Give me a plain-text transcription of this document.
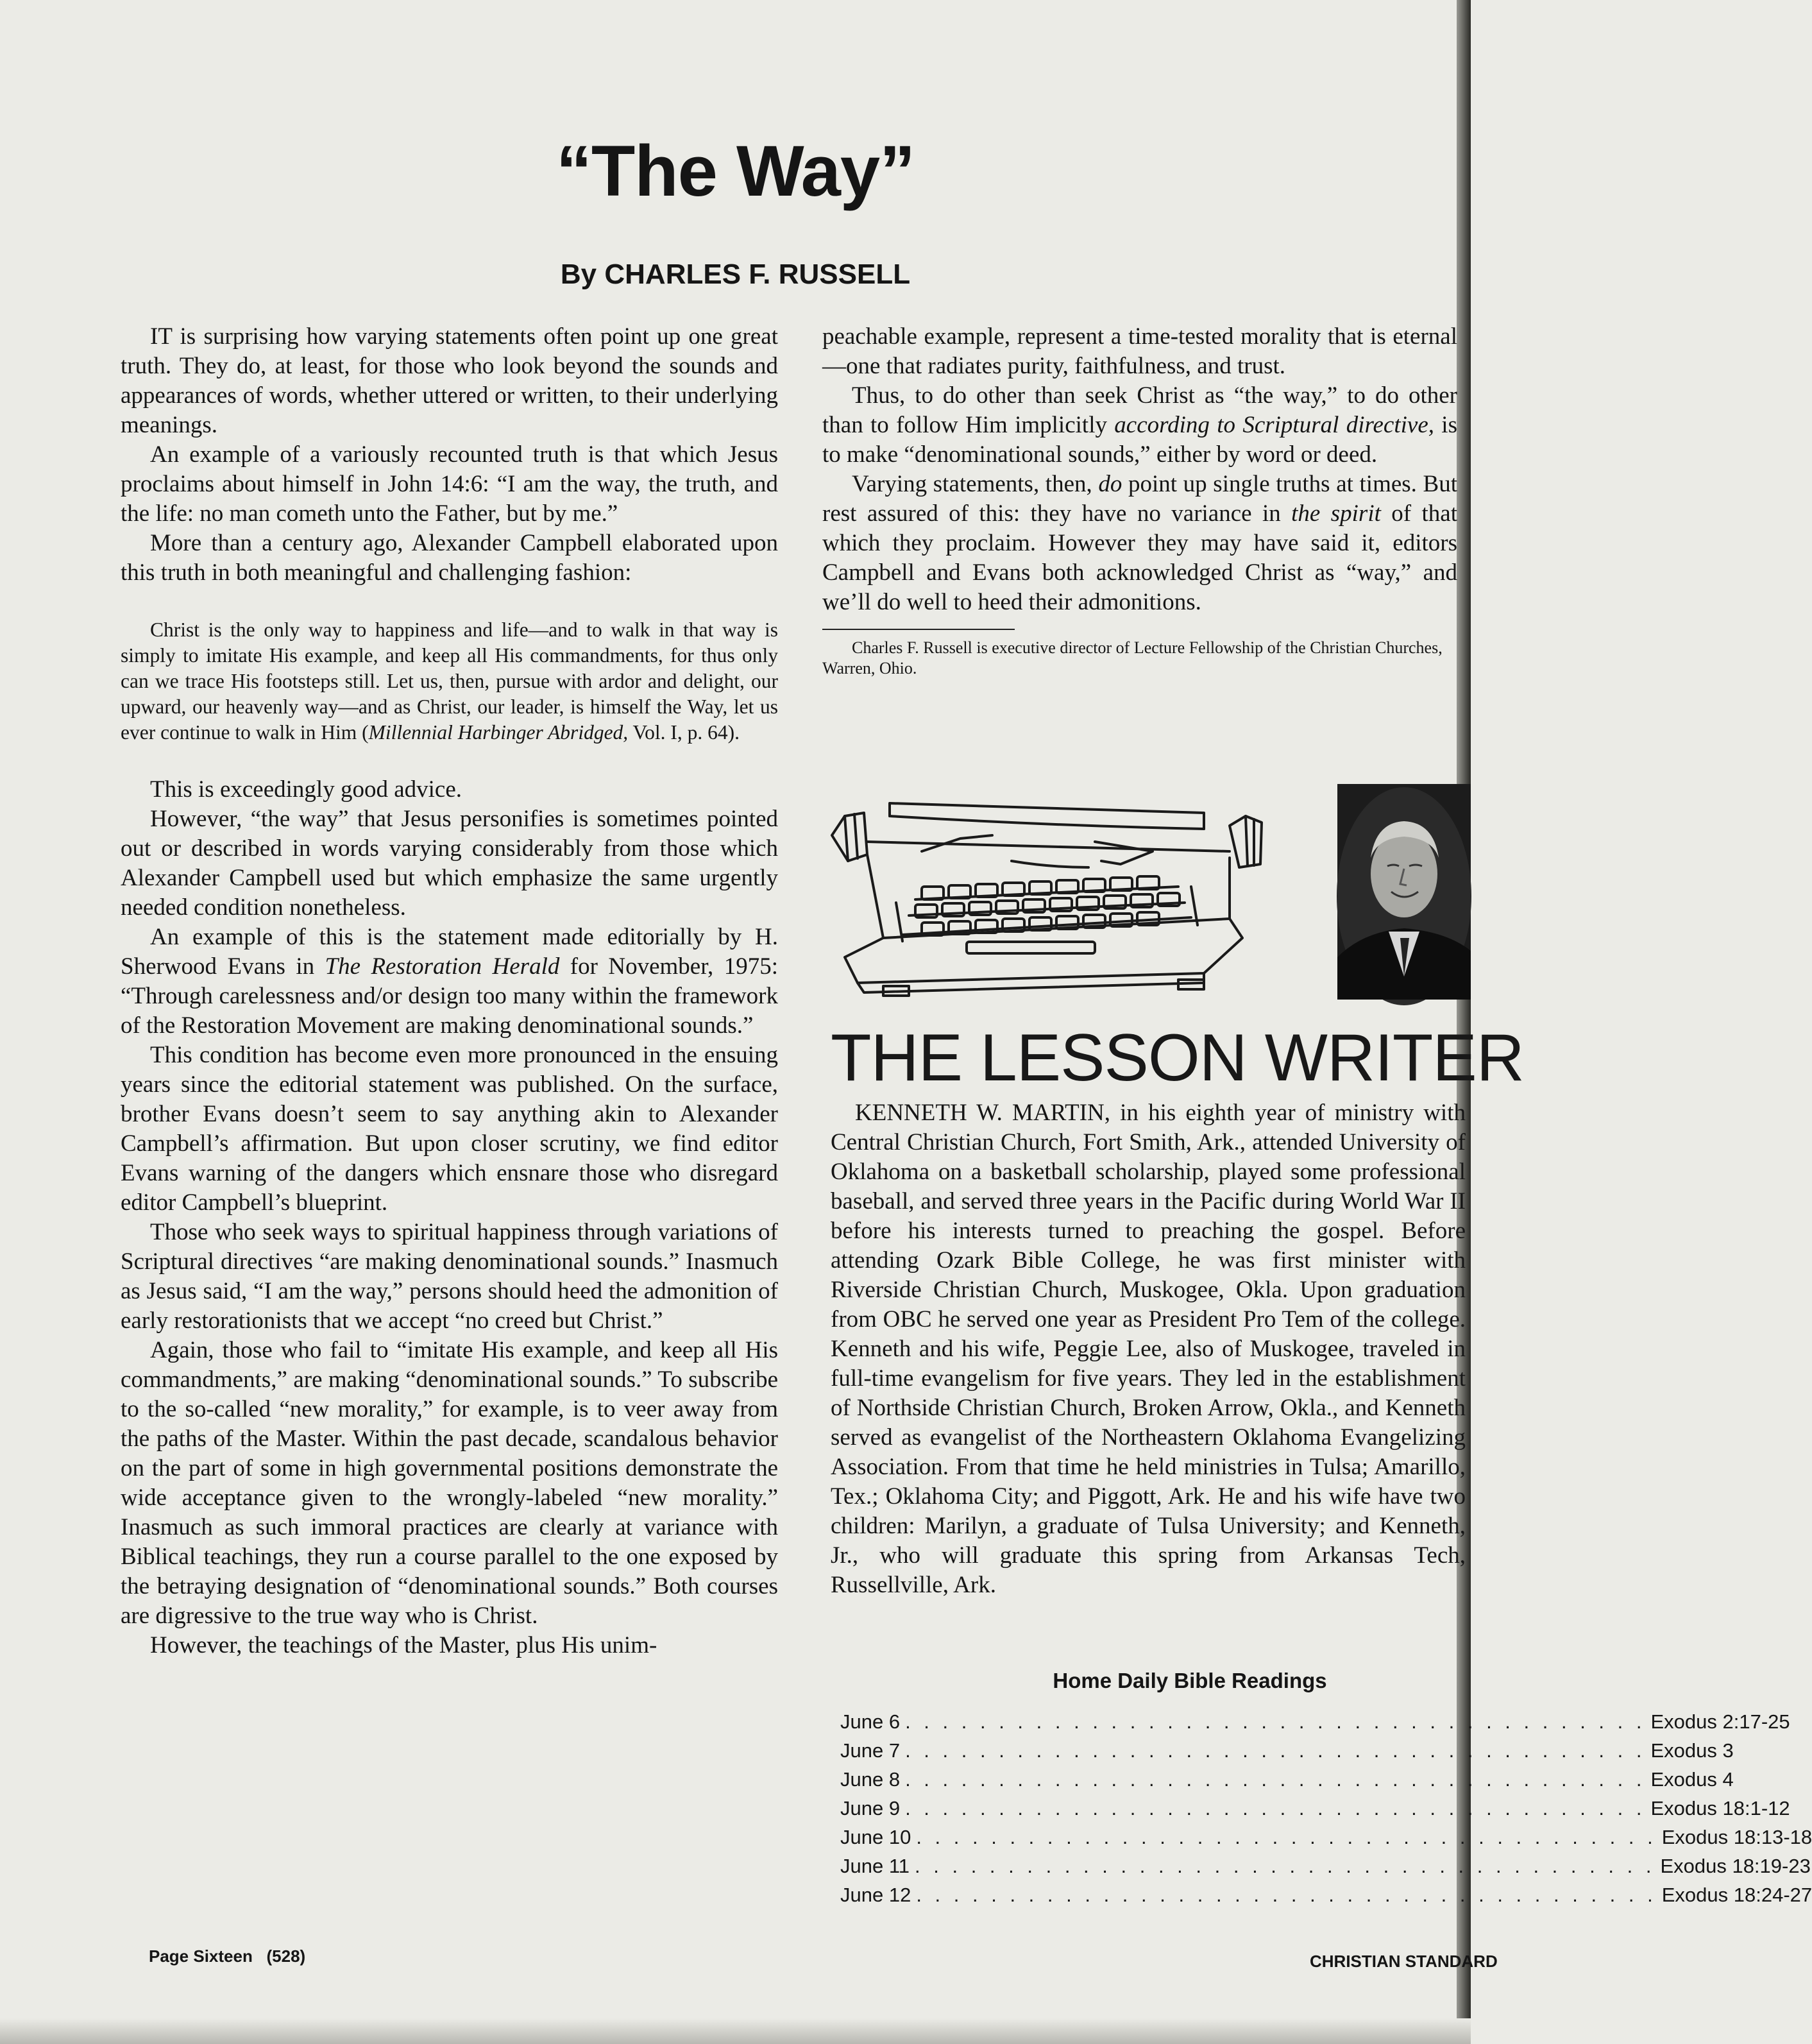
“The Way”
By CHARLES F. RUSSELL

IT is surprising how varying statements often point up one great truth. They do, at least, for those who look beyond the sounds and appearances of words, whether uttered or written, to their underlying meanings.

An example of a variously recounted truth is that which Jesus proclaims about himself in John 14:6: “I am the way, the truth, and the life: no man cometh unto the Father, but by me.”

More than a century ago, Alexander Campbell elaborated upon this truth in both meaningful and challenging fashion:

Christ is the only way to happiness and life—and to walk in that way is simply to imitate His example, and keep all His commandments, for thus only can we trace His footsteps still. Let us, then, pursue with ardor and delight, our upward, our heavenly way—and as Christ, our leader, is himself the Way, let us ever continue to walk in Him (Millennial Harbinger Abridged, Vol. I, p. 64).

This is exceedingly good advice.

However, “the way” that Jesus personifies is sometimes pointed out or described in words varying considerably from those which Alexander Campbell used but which emphasize the same urgently needed condition nonetheless.

An example of this is the statement made editorially by H. Sherwood Evans in The Restoration Herald for November, 1975: “Through carelessness and/or design too many within the framework of the Restoration Movement are making denominational sounds.”

This condition has become even more pronounced in the ensuing years since the editorial statement was published. On the surface, brother Evans doesn’t seem to say anything akin to Alexander Campbell’s affirmation. But upon closer scrutiny, we find editor Evans warning of the dangers which ensnare those who disregard editor Campbell’s blueprint.

Those who seek ways to spiritual happiness through variations of Scriptural directives “are making denominational sounds.” Inasmuch as Jesus said, “I am the way,” persons should heed the admonition of early restorationists that we accept “no creed but Christ.”

Again, those who fail to “imitate His example, and keep all His commandments,” are making “denominational sounds.” To subscribe to the so-called “new morality,” for example, is to veer away from the paths of the Master. Within the past decade, scandalous behavior on the part of some in high governmental positions demonstrate the wide acceptance given to the wrongly-labeled “new morality.” Inasmuch as such immoral practices are clearly at variance with Biblical teachings, they run a course parallel to the one exposed by the betraying designation of “denominational sounds.” Both courses are digressive to the true way who is Christ.

However, the teachings of the Master, plus His unim-

peachable example, represent a time-tested morality that is eternal—one that radiates purity, faithfulness, and trust.

Thus, to do other than seek Christ as “the way,” to do other than to follow Him implicitly according to Scriptural directive, is to make “denominational sounds,” either by word or deed.

Varying statements, then, do point up single truths at times. But rest assured of this: they have no variance in the spirit of that which they proclaim. However they may have said it, editors Campbell and Evans both acknowledged Christ as “way,” and we’ll do well to heed their admonitions.

Charles F. Russell is executive director of Lecture Fellowship of the Christian Churches, Warren, Ohio.

THE LESSON WRITER

KENNETH W. MARTIN, in his eighth year of ministry with Central Christian Church, Fort Smith, Ark., attended University of Oklahoma on a basketball scholarship, played some professional baseball, and served three years in the Pacific during World War II before his interests turned to preaching the gospel. Before attending Ozark Bible College, he was first minister with Riverside Christian Church, Muskogee, Okla. Upon graduation from OBC he served one year as President Pro Tem of the college. Kenneth and his wife, Peggie Lee, also of Muskogee, traveled in full-time evangelism for five years. They led in the establishment of Northside Christian Church, Broken Arrow, Okla., and Kenneth served as evangelist of the Northeastern Oklahoma Evangelizing Association. From that time he held ministries in Tulsa; Amarillo, Tex.; Oklahoma City; and Piggott, Ark. He and his wife have two children: Marilyn, a graduate of Tulsa University; and Kenneth, Jr., who will graduate this spring from Arkansas Tech, Russellville, Ark.

Home Daily Bible Readings
June 6 . . . . . . . . . . . . . . . . . . . . . . . . . . . . . . . . . . . . . . . . Exodus 2:17-25
June 7 . . . . . . . . . . . . . . . . . . . . . . . . . . . . . . . . . . . . . . . . Exodus 3
June 8 . . . . . . . . . . . . . . . . . . . . . . . . . . . . . . . . . . . . . . . . Exodus 4
June 9 . . . . . . . . . . . . . . . . . . . . . . . . . . . . . . . . . . . . . . . . Exodus 18:1-12
June 10 . . . . . . . . . . . . . . . . . . . . . . . . . . . . . . . . . . . . . . . . Exodus 18:13-18
June 11 . . . . . . . . . . . . . . . . . . . . . . . . . . . . . . . . . . . . . . . . Exodus 18:19-23
June 12 . . . . . . . . . . . . . . . . . . . . . . . . . . . . . . . . . . . . . . . . Exodus 18:24-27
Page Sixteen   (528)	CHRISTIAN STANDARD
